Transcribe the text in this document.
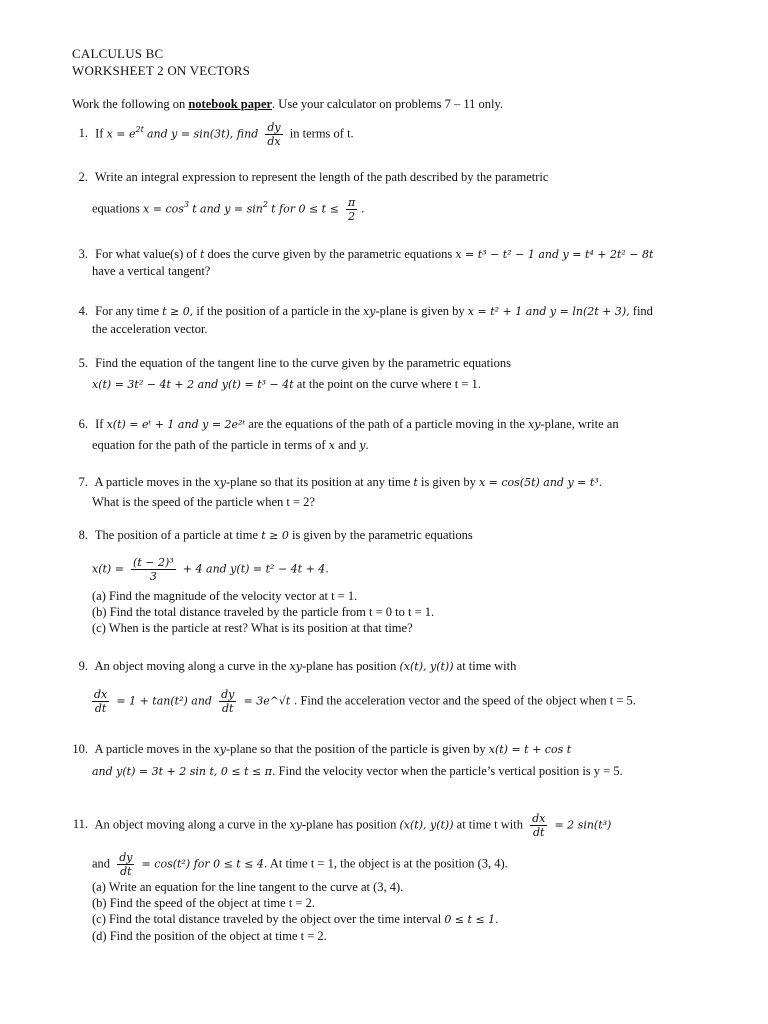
CALCULUS BC
WORKSHEET 2 ON VECTORS
Work the following on notebook paper. Use your calculator on problems 7 – 11 only.
1. If $x = e^{2t}$ and y = sin(3t), find $\frac{dy}{dx}$ in terms of t.
2. Write an integral expression to represent the length of the path described by the parametric
equations $x = \cos^3 t$ and $y = \sin^2 t$ for $0 \le t \le \frac{\pi}{2}$ .
3. For what value(s) of t does the curve given by the parametric equations x = t³ − t² − 1 and y = t⁴ + 2t² − 8t
have a vertical tangent?
4. For any time t ≥ 0, if the position of a particle in the xy-plane is given by x = t² + 1 and y = ln(2t + 3), find
the acceleration vector.
5. Find the equation of the tangent line to the curve given by the parametric equations
x(t) = 3t² − 4t + 2 and y(t) = t³ − 4t at the point on the curve where t = 1.
6. If x(t) = eᵗ + 1 and y = 2e²ᵗ are the equations of the path of a particle moving in the xy-plane, write an
equation for the path of the particle in terms of x and y.
7. A particle moves in the xy-plane so that its position at any time t is given by x = cos(5t) and y = t³.
What is the speed of the particle when t = 2?
8. The position of a particle at time t ≥ 0 is given by the parametric equations
$x(t) = \frac{\text{(t − 2)³}}{3} + 4$ and y(t) = t² − 4t + 4.
(a) Find the magnitude of the velocity vector at t = 1.
(b) Find the total distance traveled by the particle from t = 0 to t = 1.
(c) When is the particle at rest? What is its position at that time?
9. An object moving along a curve in the xy-plane has position (x(t), y(t)) at time with
$\frac{dx}{dt} = 1 + \tan(t^2)$ and $\frac{dy}{dt}$ = 3e^√t . Find the acceleration vector and the speed of the object when t = 5.
10. A particle moves in the xy-plane so that the position of the particle is given by x(t) = t + cos t
and y(t) = 3t + 2 sin t, 0 ≤ t ≤ π. Find the velocity vector when the particle’s vertical position is y = 5.
11. An object moving along a curve in the xy-plane has position (x(t), y(t)) at time t with $\frac{dx}{dt} = 2$ sin(t³)
and $\frac{dy}{dt} = \cos(t^2)$ for 0 ≤ t ≤ 4. At time t = 1, the object is at the position (3, 4).
(a) Write an equation for the line tangent to the curve at (3, 4).
(b) Find the speed of the object at time t = 2.
(c) Find the total distance traveled by the object over the time interval 0 ≤ t ≤ 1.
(d) Find the position of the object at time t = 2.
